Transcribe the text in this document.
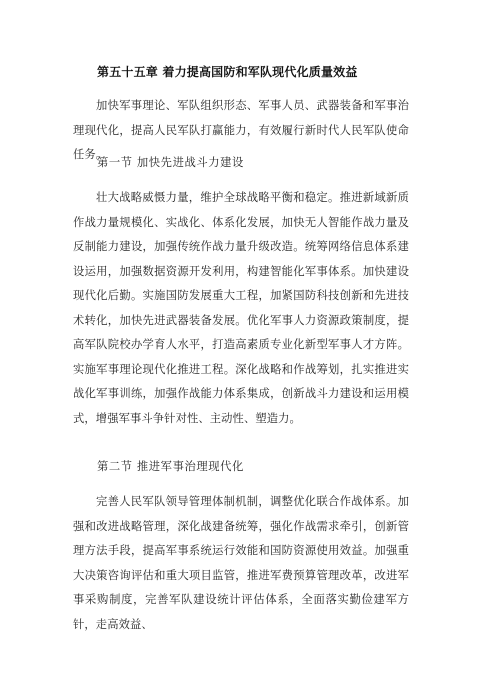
第五十五章 着力提高国防和军队现代化质量效益
加快军事理论、军队组织形态、军事人员、武器装备和军事治理现代化，提高人民军队打赢能力，有效履行新时代人民军队使命任务。
第一节 加快先进战斗力建设
壮大战略威慑力量，维护全球战略平衡和稳定。推进新域新质作战力量规模化、实战化、体系化发展，加快无人智能作战力量及反制能力建设，加强传统作战力量升级改造。统筹网络信息体系建设运用，加强数据资源开发利用，构建智能化军事体系。加快建设现代化后勤。实施国防发展重大工程，加紧国防科技创新和先进技术转化，加快先进武器装备发展。优化军事人力资源政策制度，提高军队院校办学育人水平，打造高素质专业化新型军事人才方阵。实施军事理论现代化推进工程。深化战略和作战筹划，扎实推进实战化军事训练，加强作战能力体系集成，创新战斗力建设和运用模式，增强军事斗争针对性、主动性、塑造力。
第二节 推进军事治理现代化
完善人民军队领导管理体制机制，调整优化联合作战体系。加强和改进战略管理，深化战建备统筹，强化作战需求牵引，创新管理方法手段，提高军事系统运行效能和国防资源使用效益。加强重大决策咨询评估和重大项目监管，推进军费预算管理改革，改进军事采购制度，完善军队建设统计评估体系，全面落实勤俭建军方针，走高效益、
